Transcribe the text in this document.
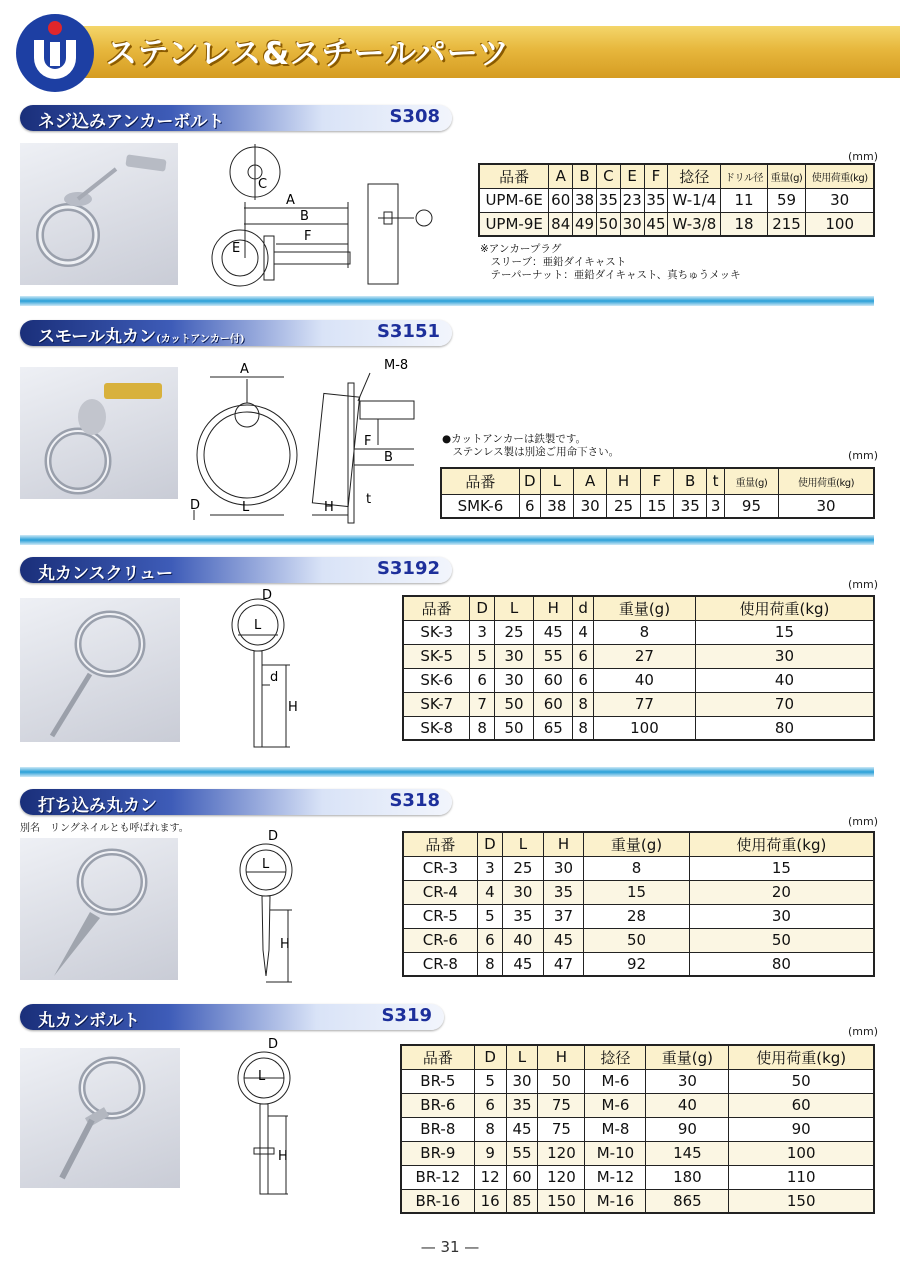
ステンレス&スチールパーツ
ネジ込みアンカーボルト	S308
C
A
B
F
E
(mm)
品番	A	B	C	E	F	捻径	ドリル径	重量(g)	使用荷重(kg)
UPM-6E	60	38	35	23	35	W-1/4	11	59	30
UPM-9E	84	49	50	30	45	W-3/8	18	215	100
※アンカープラグ
　スリーブ：亜鉛ダイキャスト
　テーパーナット：亜鉛ダイキャスト、真ちゅうメッキ
スモール丸カン(カットアンカー付)	S3151
A	M-8
F
B
D	L	H
t
●カットアンカーは鉄製です。
　ステンレス製は別途ご用命下さい。	(mm)
品番	D	L	A	H	F	B	t	重量(g)	使用荷重(kg)
SMK-6	6	38	30	25	15	35	3	95	30
丸カンスクリュー	S3192
D
L
d
H
(mm)
品番	D	L	H	d	重量(g)	使用荷重(kg)
SK-3	3	25	45	4	8	15
SK-5	5	30	55	6	27	30
SK-6	6	30	60	6	40	40
SK-7	7	50	60	8	77	70
SK-8	8	50	65	8	100	80
打ち込み丸カン	S318
別名　リングネイルとも呼ばれます。
(mm)
D
L
H
品番	D	L	H	重量(g)	使用荷重(kg)
CR-3	3	25	30	8	15
CR-4	4	30	35	15	20
CR-5	5	35	37	28	30
CR-6	6	40	45	50	50
CR-8	8	45	47	92	80
丸カンボルト	S319
(mm)
D
L
H
品番	D	L	H	捻径	重量(g)	使用荷重(kg)
BR-5	5	30	50	M-6	30	50
BR-6	6	35	75	M-6	40	60
BR-8	8	45	75	M-8	90	90
BR-9	9	55	120	M-10	145	100
BR-12	12	60	120	M-12	180	110
BR-16	16	85	150	M-16	865	150
— 31 —
